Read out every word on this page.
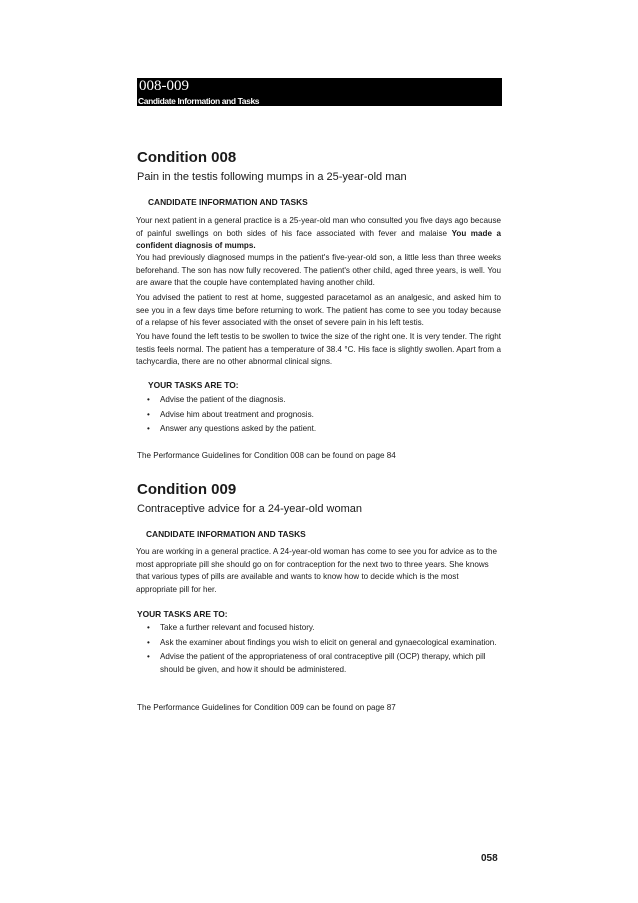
008-009
Candidate Information and Tasks
Condition 008

Pain in the testis following mumps in a 25-year-old man

CANDIDATE INFORMATION AND TASKS

Your next patient in a general practice is a 25-year-old man who consulted you five days ago because of painful swellings on both sides of his face associated with fever and malaise You made a confident diagnosis of mumps.

You had previously diagnosed mumps in the patient's five-year-old son, a little less than three weeks beforehand. The son has now fully recovered. The patient's other child, aged three years, is well. You are aware that the couple have contemplated having another child.

You advised the patient to rest at home, suggested paracetamol as an analgesic, and asked him to see you in a few days time before returning to work. The patient has come to see you today because of a relapse of his fever associated with the onset of severe pain in his left testis.

You have found the left testis to be swollen to twice the size of the right one. It is very tender. The right testis feels normal. The patient has a temperature of 38.4 °C. His face is slightly swollen. Apart from a tachycardia, there are no other abnormal clinical signs.

YOUR TASKS ARE TO:
• Advise the patient of the diagnosis.
• Advise him about treatment and prognosis.
• Answer any questions asked by the patient.

The Performance Guidelines for Condition 008 can be found on page 84

Condition 009

Contraceptive advice for a 24-year-old woman

CANDIDATE INFORMATION AND TASKS

You are working in a general practice. A 24-year-old woman has come to see you for advice as to the most appropriate pill she should go on for contraception for the next two to three years. She knows that various types of pills are available and wants to know how to decide which is the most appropriate pill for her.

YOUR TASKS ARE TO:
• Take a further relevant and focused history.
• Ask the examiner about findings you wish to elicit on general and gynaecological examination.
• Advise the patient of the appropriateness of oral contraceptive pill (OCP) therapy, which pill should be given, and how it should be administered.

The Performance Guidelines for Condition 009 can be found on page 87

058
